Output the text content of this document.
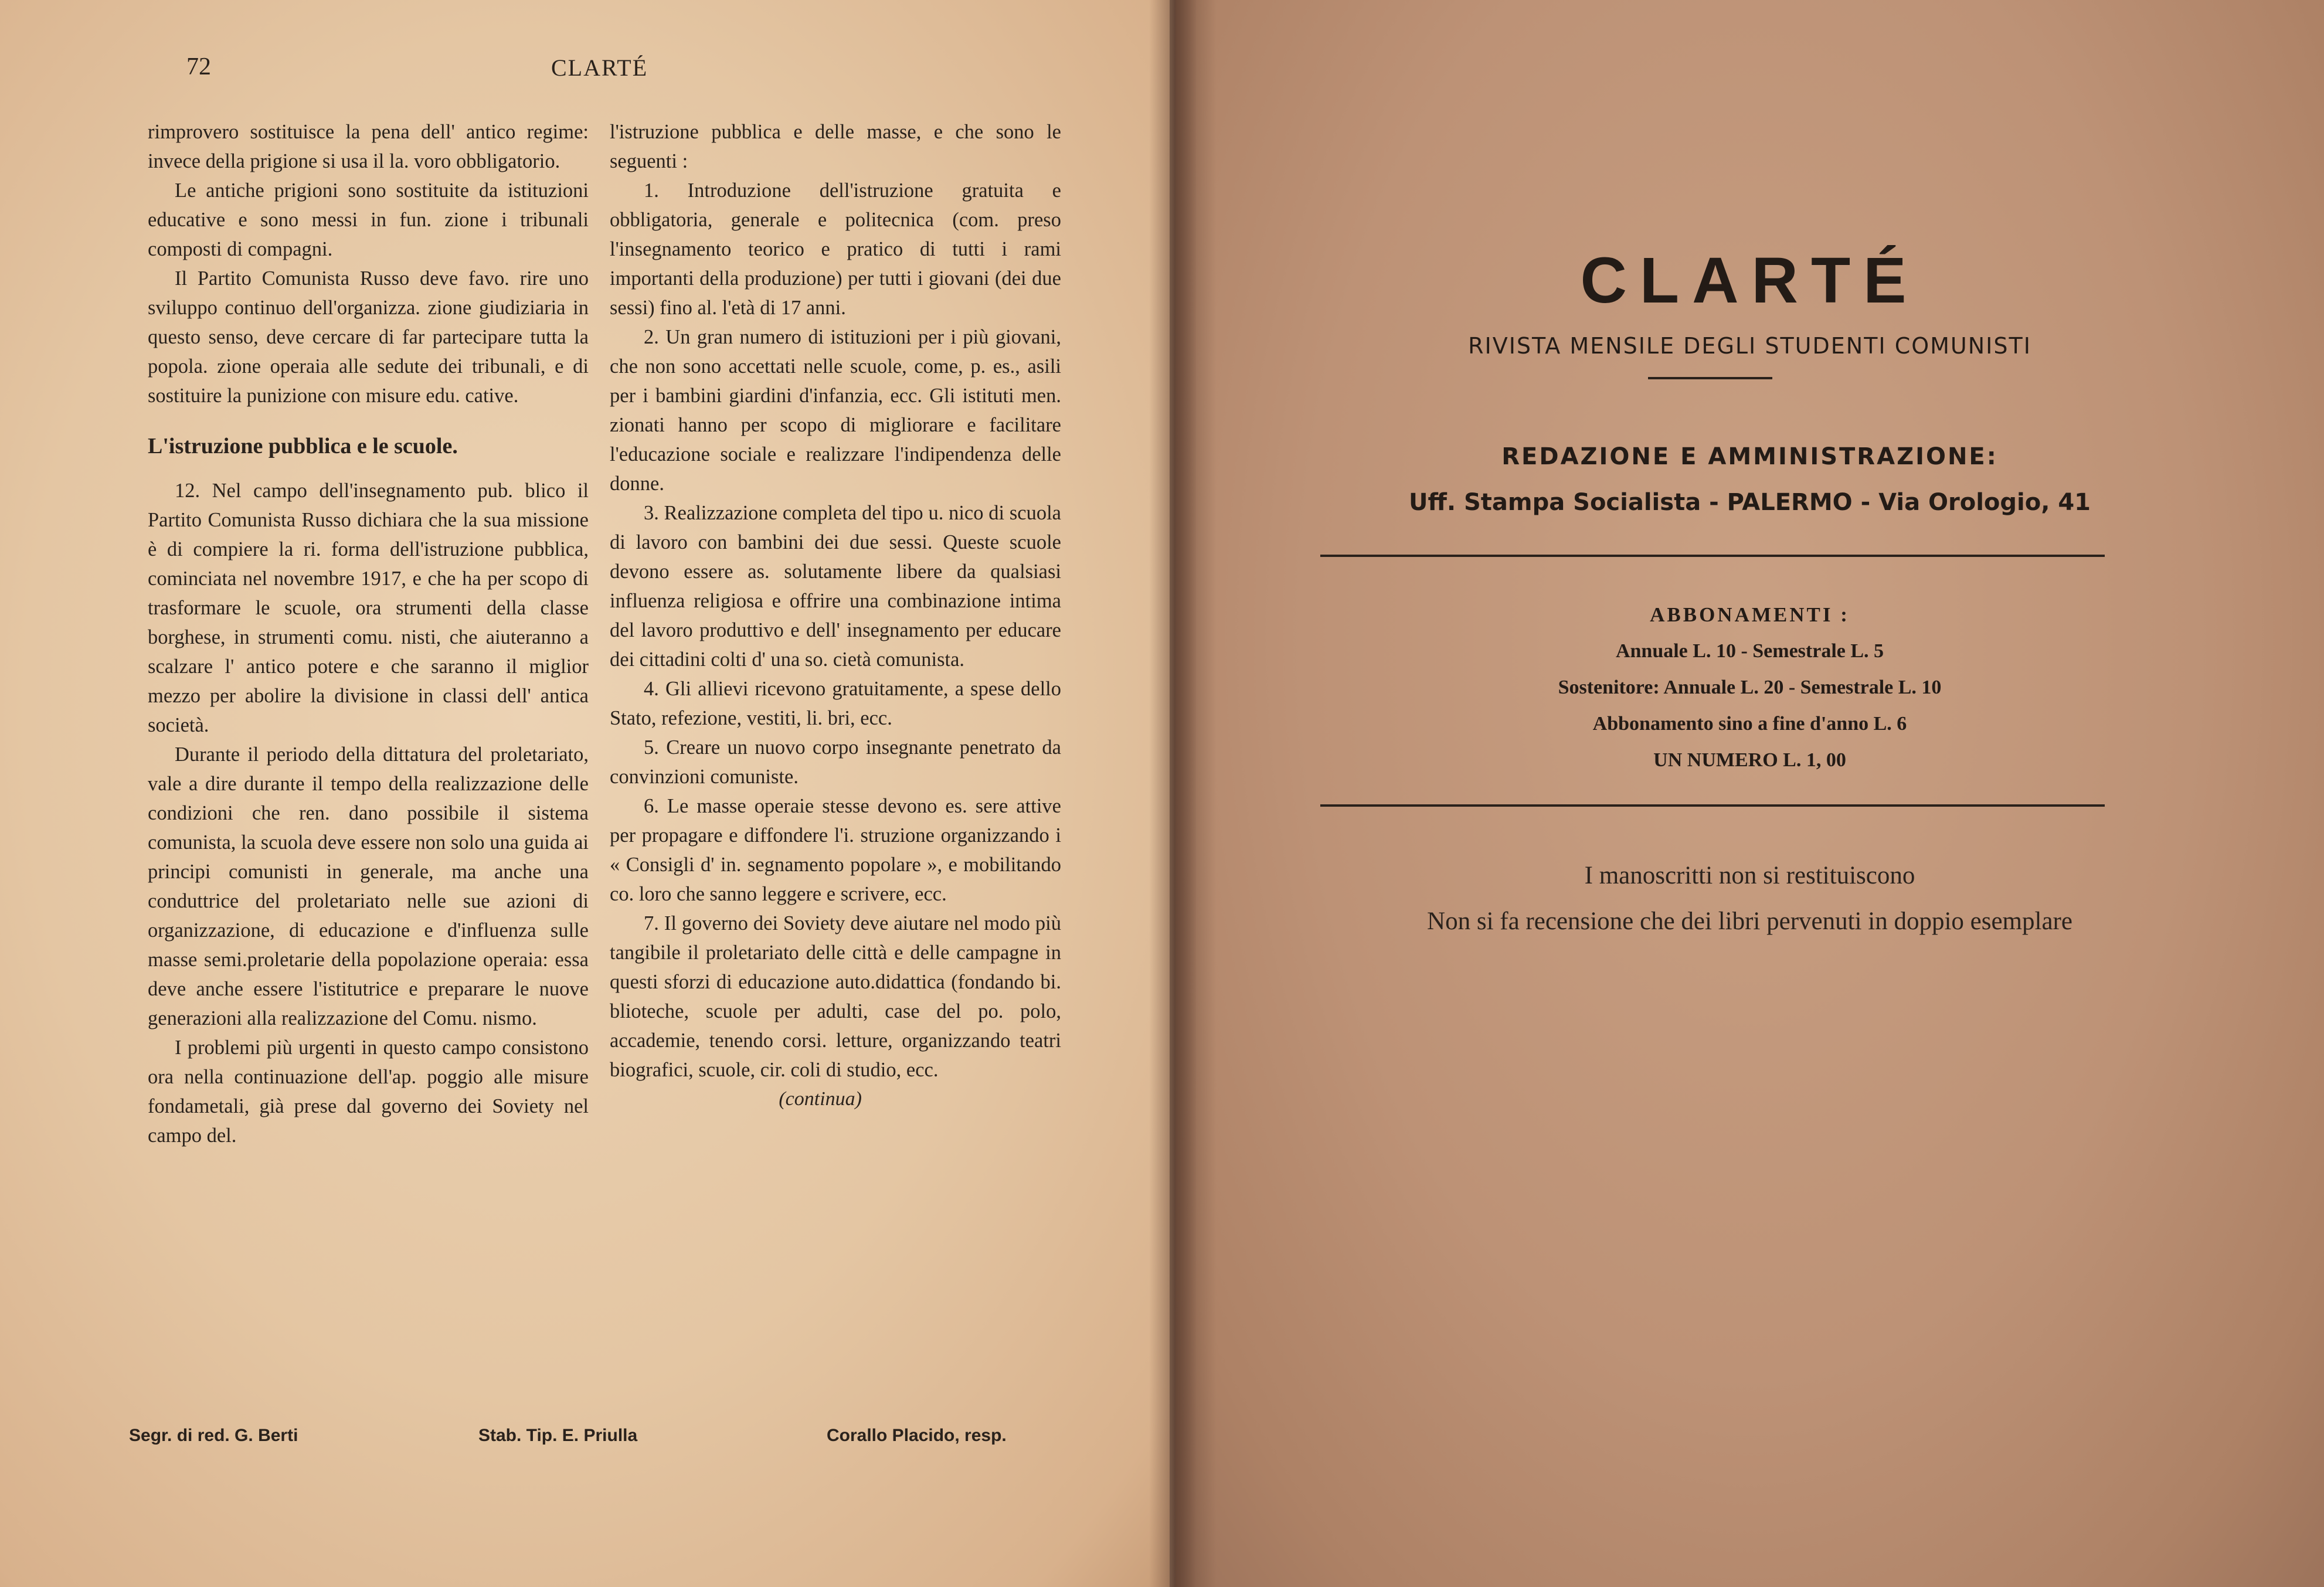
72	CLARTÉ

rimprovero sostituisce la pena dell' antico regime: invece della prigione si usa il la. voro obbligatorio.

Le antiche prigioni sono sostituite da istituzioni educative e sono messi in fun. zione i tribunali composti di compagni.

Il Partito Comunista Russo deve favo. rire uno sviluppo continuo dell'organizza. zione giudiziaria in questo senso, deve cercare di far partecipare tutta la popola. zione operaia alle sedute dei tribunali, e di sostituire la punizione con misure edu. cative.

L'istruzione pubblica e le scuole.

12. Nel campo dell'insegnamento pub. blico il Partito Comunista Russo dichiara che la sua missione è di compiere la ri. forma dell'istruzione pubblica, cominciata nel novembre 1917, e che ha per scopo di trasformare le scuole, ora strumenti della classe borghese, in strumenti comu. nisti, che aiuteranno a scalzare l' antico potere e che saranno il miglior mezzo per abolire la divisione in classi dell' antica società.

Durante il periodo della dittatura del proletariato, vale a dire durante il tempo della realizzazione delle condizioni che ren. dano possibile il sistema comunista, la scuola deve essere non solo una guida ai principi comunisti in generale, ma anche una conduttrice del proletariato nelle sue azioni di organizzazione, di educazione e d'influenza sulle masse semi.proletarie della popolazione operaia: essa deve anche essere l'istitutrice e preparare le nuove generazioni alla realizzazione del Comu. nismo.

I problemi più urgenti in questo campo consistono ora nella continuazione dell'ap. poggio alle misure fondametali, già prese dal governo dei Soviety nel campo del.

l'istruzione pubblica e delle masse, e che sono le seguenti :

1. Introduzione dell'istruzione gratuita e obbligatoria, generale e politecnica (com. preso l'insegnamento teorico e pratico di tutti i rami importanti della produzione) per tutti i giovani (dei due sessi) fino al. l'età di 17 anni.

2. Un gran numero di istituzioni per i più giovani, che non sono accettati nelle scuole, come, p. es., asili per i bambini giardini d'infanzia, ecc. Gli istituti men. zionati hanno per scopo di migliorare e facilitare l'educazione sociale e realizzare l'indipendenza delle donne.

3. Realizzazione completa del tipo u. nico di scuola di lavoro con bambini dei due sessi. Queste scuole devono essere as. solutamente libere da qualsiasi influenza religiosa e offrire una combinazione intima del lavoro produttivo e dell' insegnamento per educare dei cittadini colti d' una so. cietà comunista.

4. Gli allievi ricevono gratuitamente, a spese dello Stato, refezione, vestiti, li. bri, ecc.

5. Creare un nuovo corpo insegnante penetrato da convinzioni comuniste.

6. Le masse operaie stesse devono es. sere attive per propagare e diffondere l'i. struzione organizzando i « Consigli d' in. segnamento popolare », e mobilitando co. loro che sanno leggere e scrivere, ecc.

7. Il governo dei Soviety deve aiutare nel modo più tangibile il proletariato delle città e delle campagne in questi sforzi di educazione auto.didattica (fondando bi. blioteche, scuole per adulti, case del po. polo, accademie, tenendo corsi. letture, organizzando teatri biografici, scuole, cir. coli di studio, ecc.

(continua)

Segr. di red. G. Berti	Stab. Tip. E. Priulla	Corallo Placido, resp.
CLARTÉ
RIVISTA MENSILE DEGLI STUDENTI COMUNISTI
REDAZIONE E AMMINISTRAZIONE:
Uff. Stampa Socialista - PALERMO - Via Orologio, 41
ABBONAMENTI :
Annuale L. 10 - Semestrale L. 5
Sostenitore: Annuale L. 20 - Semestrale L. 10
Abbonamento sino a fine d'anno L. 6
UN NUMERO L. 1, 00
I manoscritti non si restituiscono
Non si fa recensione che dei libri pervenuti in doppio esemplare
